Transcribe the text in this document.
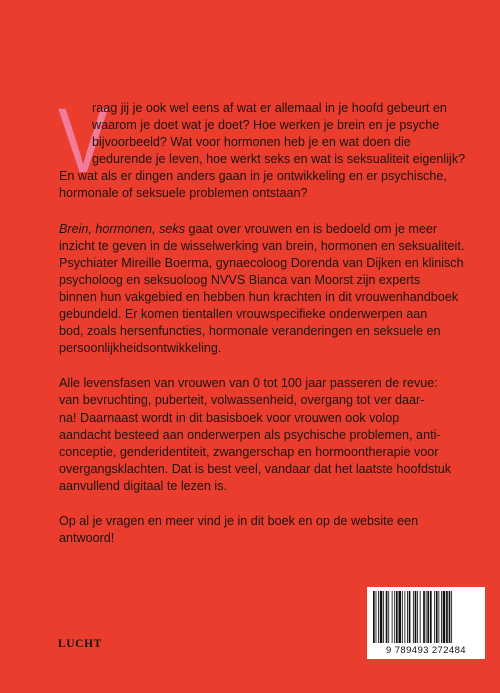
V

raag jij je ook wel eens af wat er allemaal in je hoofd gebeurt en
waarom je doet wat je doet? Hoe werken je brein en je psyche
bijvoorbeeld? Wat voor hormonen heb je en wat doen die
gedurende je leven, hoe werkt seks en wat is seksualiteit eigenlijk?
En wat als er dingen anders gaan in je ontwikkeling en er psychische,
hormonale of seksuele problemen ontstaan?

Brein, hormonen, seks gaat over vrouwen en is bedoeld om je meer
inzicht te geven in de wisselwerking van brein, hormonen en seksualiteit.
Psychiater Mireille Boerma, gynaecoloog Dorenda van Dijken en klinisch
psycholoog en seksuoloog NVVS Bianca van Moorst zijn experts
binnen hun vakgebied en hebben hun krachten in dit vrouwenhandboek
gebundeld. Er komen tientallen vrouwspecifieke onderwerpen aan
bod, zoals hersenfuncties, hormonale veranderingen en seksuele en
persoonlijkheidsontwikkeling.

Alle levensfasen van vrouwen van 0 tot 100 jaar passeren de revue:
van bevruchting, puberteit, volwassenheid, overgang tot ver daar-
na! Daarnaast wordt in dit basisboek voor vrouwen ook volop
aandacht besteed aan onderwerpen als psychische problemen, anti-
conceptie, genderidentiteit, zwangerschap en hormoontherapie voor
overgangsklachten. Dat is best veel, vandaar dat het laatste hoofdstuk
aanvullend digitaal te lezen is.

Op al je vragen en meer vind je in dit boek en op de website een
antwoord!

LUCHT
9 789493 272484
